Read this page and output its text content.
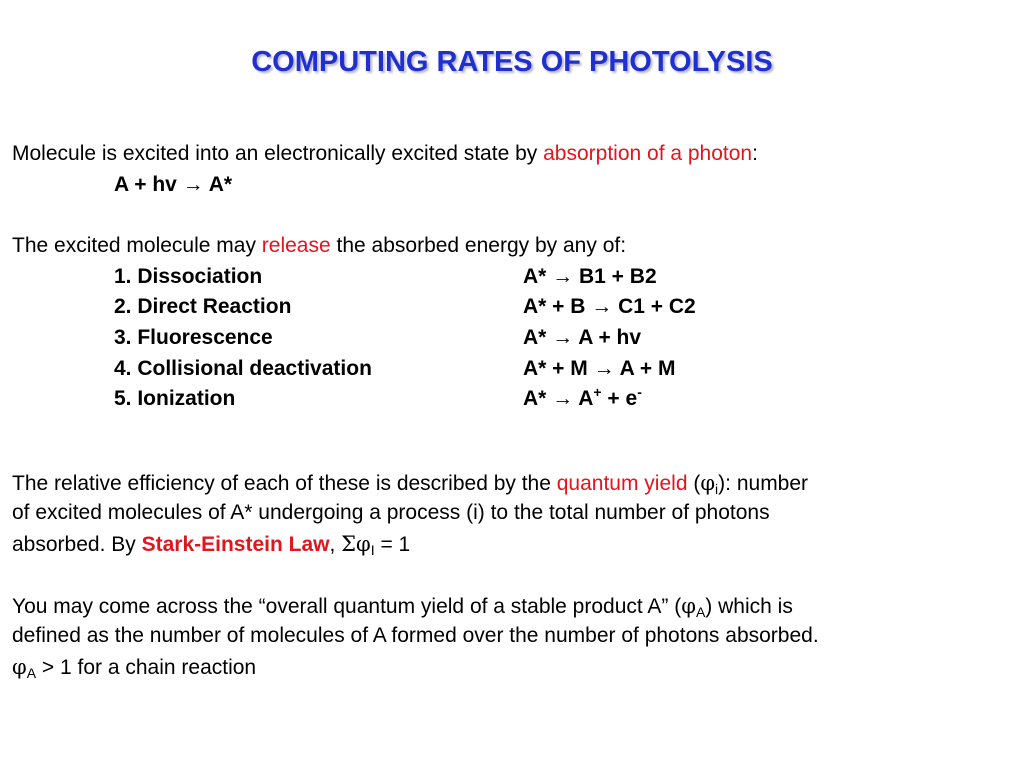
COMPUTING RATES OF PHOTOLYSIS
Molecule is excited into an electronically excited state by absorption of a photon:
A + hv → A*
The excited molecule may release the absorbed energy by any of:
1. Dissociation	A* → B1 + B2
2. Direct Reaction	A* + B → C1 + C2
3. Fluorescence	A* → A + hv
4. Collisional deactivation	A* + M → A + M
5. Ionization	A* → A+ + e-
The relative efficiency of each of these is described by the quantum yield $(\varphi_i)$: number
of excited molecules of A* undergoing a process (i) to the total number of photons
absorbed. By Stark-Einstein Law, $\Sigma\varphi_I = 1$
You may come across the “overall quantum yield of a stable product A” $(\varphi_A)$ which is
defined as the number of molecules of A formed over the number of photons absorbed.
$\varphi_A > 1$ for a chain reaction
